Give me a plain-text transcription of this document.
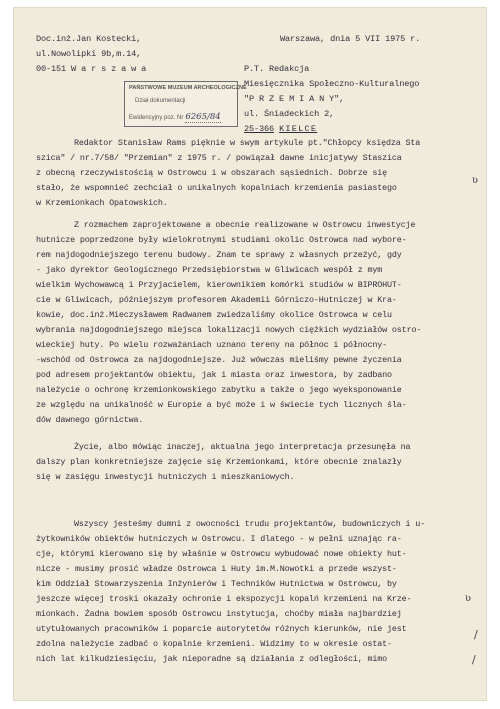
Doc.inż.Jan Kostecki,
ul.Nowolipki 9b,m.14,
00-151 W a r s z a w a
Warszawa, dnia 5 VII 1975 r.
PAŃSTWOWE MUZEUM ARCHEOLOGICZNE
Dział dokumentacji
Ewidencyjny poz. Nr 6265/84
P.T. Redakcja
Miesięcznika Społeczno-Kulturalnego
"P R Z E M I A N Y",
ul. Śniadeckich 2,
25-366 KIELCE
ʋ
ʋ
/
/
Redaktor Stanisław Rams pięknie w swym artykule pt."Chłopcy księdza Sta
szica" / nr.7/58/ "Przemian" z 1975 r. / powiązał dawne inicjatywy Staszica
z obecną rzeczywistością w Ostrowcu i w obszarach sąsiednich. Dobrze się
stało, że wspomnieć zechciał o unikalnych kopalniach krzemienia pasiastego
w Krzemionkach Opatowskich.
Z rozmachem zaprojektowane a obecnie realizowane w Ostrowcu inwestycje
hutnicze poprzedzone były wielokrotnymi studiami okolic Ostrowca nad wybore-
rem najdogodniejszego terenu budowy. Znam te sprawy z własnych przeżyć, gdy
- jako dyrektor Geologicznego Przedsiębiorstwa w Gliwicach wespół z mym
wielkim Wychowawcą i Przyjacielem, kierownikiem komórki studiów w BIPROHUT-
cie w Gliwicach, późniejszym profesorem Akademii Górniczo-Hutniczej w Kra-
kowie, doc.inż.Mieczysławem Radwanem zwiedzaliśmy okolice Ostrowca w celu
wybrania najdogodniejszego miejsca lokalizacji nowych ciężkich wydziałów ostro-
wieckiej huty. Po wielu rozważaniach uznano tereny na północ i północny-
-wschód od Ostrowca za najdogodniejsze. Już wówczas mieliśmy pewne życzenia
pod adresem projektantów obiektu, jak i miasta oraz inwestora, by zadbano
należycie o ochronę krzemionkowskiego zabytku a także o jego wyeksponowanie
ze względu na unikalność w Europie a być może i w świecie tych licznych śla-
dów dawnego górnictwa.
Życie, albo mówiąc inaczej, aktualna jego interpretacja przesunęła na
dalszy plan konkretniejsze zajęcie się Krzemionkami, które obecnie znalazły
się w zasięgu inwestycji hutniczych i mieszkaniowych.
Wszyscy jesteśmy dumni z owocności trudu projektantów, budowniczych i u-
żytkowników obiektów hutniczych w Ostrowcu. I dlatego - w pełni uznając ra-
cje, którymi kierowano się by właśnie w Ostrowcu wybudować nowe obiekty hut-
nicze - musimy prosić władze Ostrowca i Huty im.M.Nowotki a przede wszyst-
kim Oddział Stowarzyszenia Inżynierów i Techników Hutnictwa w Ostrowcu, by
jeszcze więcej troski okazały ochronie i ekspozycji kopalń krzemieni na Krze-
mionkach. Żadna bowiem sposób Ostrowcu instytucja, choćby miała najbardziej
utytułowanych pracowników i poparcie autorytetów różnych kierunków, nie jest
zdolna należycie zadbać o kopalnie krzemieni. Widzimy to w okresie ostat-
nich lat kilkudziesięciu, jak nieporadne są działania z odległości, mimo
